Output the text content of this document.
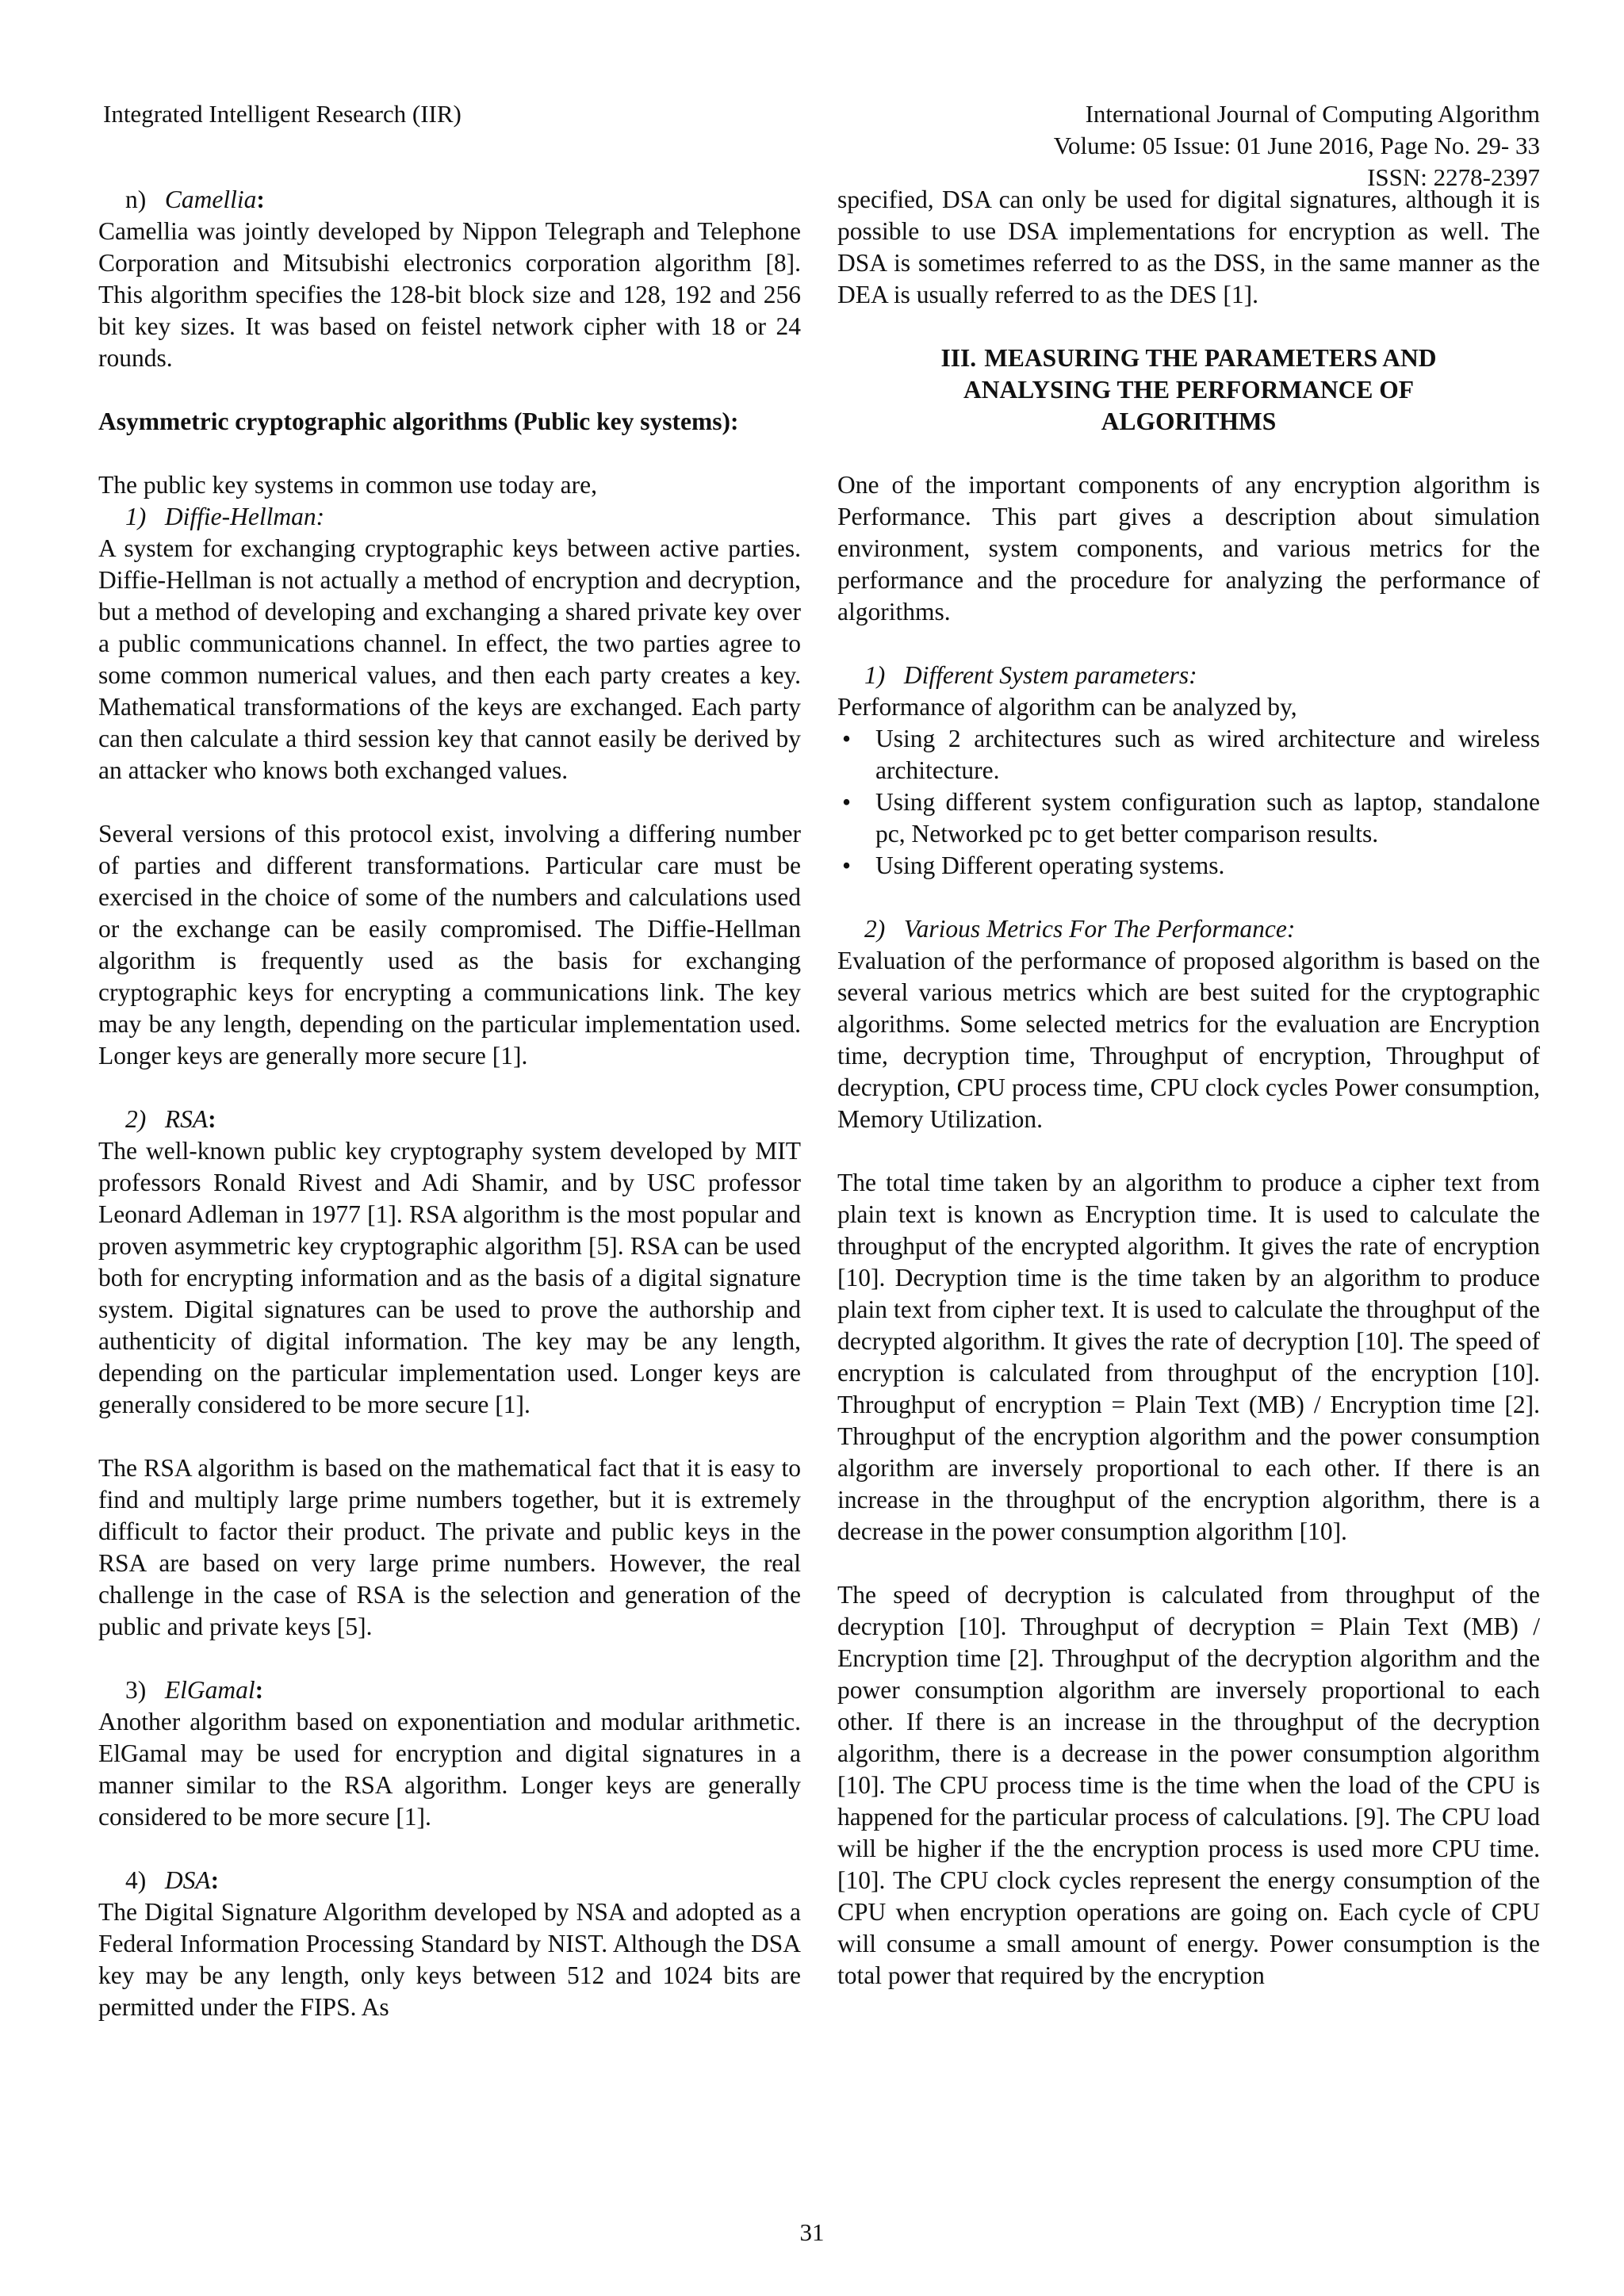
Integrated Intelligent Research (IIR)	International Journal of Computing Algorithm
Volume: 05 Issue: 01 June 2016, Page No. 29- 33
ISSN: 2278-2397

n) Camellia:

Camellia was jointly developed by Nippon Telegraph and Telephone Corporation and Mitsubishi electronics corporation algorithm [8]. This algorithm specifies the 128-bit block size and 128, 192 and 256 bit key sizes. It was based on feistel network cipher with 18 or 24 rounds.

Asymmetric cryptographic algorithms (Public key systems):

The public key systems in common use today are,

1) Diffie-Hellman:

A system for exchanging cryptographic keys between active parties. Diffie-Hellman is not actually a method of encryption and decryption, but a method of developing and exchanging a shared private key over a public communications channel. In effect, the two parties agree to some common numerical values, and then each party creates a key. Mathematical transformations of the keys are exchanged. Each party can then calculate a third session key that cannot easily be derived by an attacker who knows both exchanged values.

Several versions of this protocol exist, involving a differing number of parties and different transformations. Particular care must be exercised in the choice of some of the numbers and calculations used or the exchange can be easily compromised. The Diffie-Hellman algorithm is frequently used as the basis for exchanging cryptographic keys for encrypting a communications link. The key may be any length, depending on the particular implementation used. Longer keys are generally more secure [1].

2) RSA:

The well-known public key cryptography system developed by MIT professors Ronald Rivest and Adi Shamir, and by USC professor Leonard Adleman in 1977 [1]. RSA algorithm is the most popular and proven asymmetric key cryptographic algorithm [5]. RSA can be used both for encrypting information and as the basis of a digital signature system. Digital signatures can be used to prove the authorship and authenticity of digital information. The key may be any length, depending on the particular implementation used. Longer keys are generally considered to be more secure [1].

The RSA algorithm is based on the mathematical fact that it is easy to find and multiply large prime numbers together, but it is extremely difficult to factor their product. The private and public keys in the RSA are based on very large prime numbers. However, the real challenge in the case of RSA is the selection and generation of the public and private keys [5].

3) ElGamal:

Another algorithm based on exponentiation and modular arithmetic. ElGamal may be used for encryption and digital signatures in a manner similar to the RSA algorithm. Longer keys are generally considered to be more secure [1].

4) DSA:

The Digital Signature Algorithm developed by NSA and adopted as a Federal Information Processing Standard by NIST. Although the DSA key may be any length, only keys between 512 and 1024 bits are permitted under the FIPS. As

specified, DSA can only be used for digital signatures, although it is possible to use DSA implementations for encryption as well. The DSA is sometimes referred to as the DSS, in the same manner as the DEA is usually referred to as the DES [1].

III. MEASURING THE PARAMETERS AND
ANALYSING THE PERFORMANCE OF
ALGORITHMS

One of the important components of any encryption algorithm is Performance. This part gives a description about simulation environment, system components, and various metrics for the performance and the procedure for analyzing the performance of algorithms.

1) Different System parameters:

Performance of algorithm can be analyzed by,

• Using 2 architectures such as wired architecture and wireless architecture.
• Using different system configuration such as laptop, standalone pc, Networked pc to get better comparison results.
• Using Different operating systems.

2) Various Metrics For The Performance:

Evaluation of the performance of proposed algorithm is based on the several various metrics which are best suited for the cryptographic algorithms. Some selected metrics for the evaluation are Encryption time, decryption time, Throughput of encryption, Throughput of decryption, CPU process time, CPU clock cycles Power consumption, Memory Utilization.

The total time taken by an algorithm to produce a cipher text from plain text is known as Encryption time. It is used to calculate the throughput of the encrypted algorithm. It gives the rate of encryption [10]. Decryption time is the time taken by an algorithm to produce plain text from cipher text. It is used to calculate the throughput of the decrypted algorithm. It gives the rate of decryption [10]. The speed of encryption is calculated from throughput of the encryption [10]. Throughput of encryption = Plain Text (MB) / Encryption time [2]. Throughput of the encryption algorithm and the power consumption algorithm are inversely proportional to each other. If there is an increase in the throughput of the encryption algorithm, there is a decrease in the power consumption algorithm [10].

The speed of decryption is calculated from throughput of the decryption [10]. Throughput of decryption = Plain Text (MB) / Encryption time [2]. Throughput of the decryption algorithm and the power consumption algorithm are inversely proportional to each other. If there is an increase in the throughput of the decryption algorithm, there is a decrease in the power consumption algorithm [10]. The CPU process time is the time when the load of the CPU is happened for the particular process of calculations. [9]. The CPU load will be higher if the the encryption process is used more CPU time. [10]. The CPU clock cycles represent the energy consumption of the CPU when encryption operations are going on. Each cycle of CPU will consume a small amount of energy. Power consumption is the total power that required by the encryption

31
